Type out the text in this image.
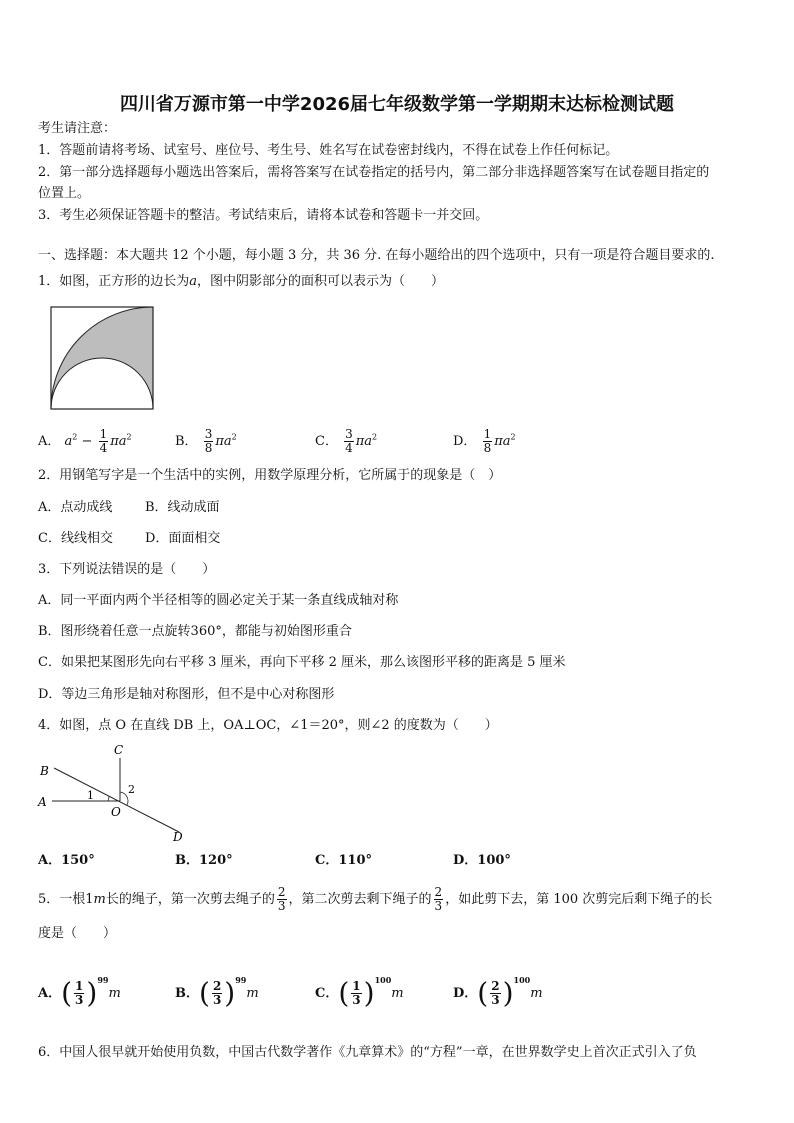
四川省万源市第一中学2026届七年级数学第一学期期末达标检测试题
考生请注意：
1．答题前请将考场、试室号、座位号、考生号、姓名写在试卷密封线内，不得在试卷上作任何标记。
2．第一部分选择题每小题选出答案后，需将答案写在试卷指定的括号内，第二部分非选择题答案写在试卷题目指定的
位置上。
3．考生必须保证答题卡的整洁。考试结束后，请将本试卷和答题卡一并交回。
一、选择题：本大题共 12 个小题，每小题 3 分，共 36 分. 在每小题给出的四个选项中，只有一项是符合题目要求的.
1．如图，正方形的边长为a，图中阴影部分的面积可以表示为（　　）
A． $a^2 - \frac{1}{4} \pi a^2$	B． $\frac{3}{8} \pi a^2$	C． $\frac{3}{4} \pi a^2$	D． $\frac{1}{8} \pi a^2$
2．用钢笔写字是一个生活中的实例，用数学原理分析，它所属于的现象是（　）
A．点动成线	B．线动成面
C．线线相交 D．面面相交
3．下列说法错误的是（　　）
A．同一平面内两个半径相等的圆必定关于某一条直线成轴对称
B．图形绕着任意一点旋转360°，都能与初始图形重合
C．如果把某图形先向右平移 3 厘米，再向下平移 2 厘米，那么该图形平移的距离是 5 厘米
D．等边三角形是轴对称图形，但不是中心对称图形
4．如图，点 O 在直线 DB 上，OA⊥OC，∠1＝20°，则∠2 的度数为（　　）
C
B
A
O
D
1	2
A．150°	B．120°	C．110°	D．100°
5．一根1m长的绳子，第一次剪去绳子的 $\frac{2}{3}$ ，第二次剪去剩下绳子的 $\frac{2}{3}$ ，如此剪下去，第 100 次剪完后剩下绳子的长
度是（　　）
A．( $\frac{1}{3} )^{99}m$	B．( $\frac{2}{3} )^{99}m$	C．( $\frac{1}{3} )^{100}m$	D．( $\frac{2}{3} )^{100}m$
6．中国人很早就开始使用负数，中国古代数学著作《九章算术》的“方程”一章，在世界数学史上首次正式引入了负
